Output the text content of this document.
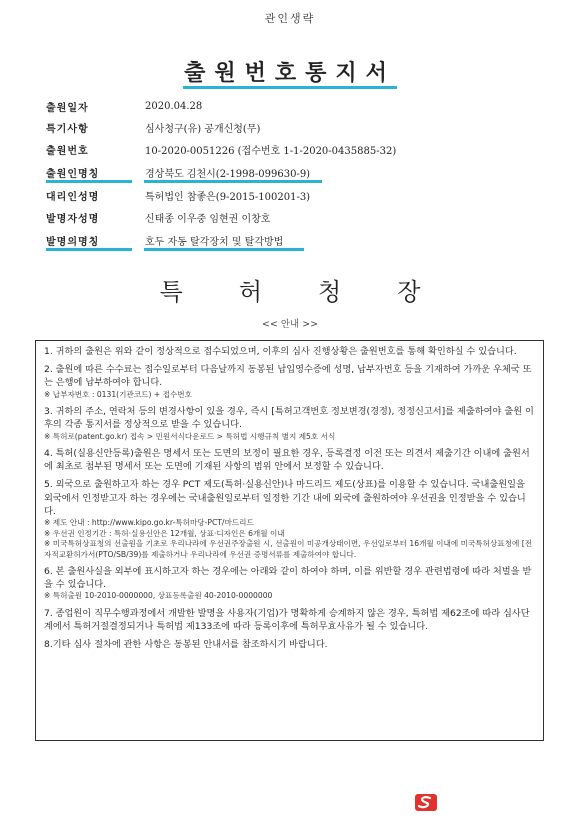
관인생략
출원번호통지서
출원일자	2020.04.28
특기사항	심사청구(유) 공개신청(무)
출원번호	10-2020-0051226 (접수번호 1-1-2020-0435885-32)
출원인명칭	경상북도 김천시(2-1998-099630-9)
대리인성명	특허법인 참좋은(9-2015-100201-3)
발명자성명	신태종 이우중 임현권 이창호
발명의명칭	호두 자동 탈각장치 및 탈각방법
특 허 청 장
<< 안내 >>
1. 귀하의 출원은 위와 같이 정상적으로 접수되었으며, 이후의 심사 진행상황은 출원번호를 통해 확인하실 수 있습니다.
2. 출원에 따른 수수료는 접수일로부터 다음날까지 동봉된 납입영수증에 성명, 납부자번호 등을 기재하여 가까운 우체국 또는 은행에 납부하여야 합니다.
※ 납부자번호 : 0131(기관코드) + 접수번호
3. 귀하의 주소, 연락처 등의 변경사항이 있을 경우, 즉시 [특허고객번호 정보변경(경정), 정정신고서]를 제출하여야 출원 이후의 각종 통지서를 정상적으로 받을 수 있습니다.
※ 특허로(patent.go.kr) 접속 > 민원서식다운로드 > 특허법 시행규칙 별지 제5호 서식
4. 특허(실용신안등록)출원은 명세서 또는 도면의 보정이 필요한 경우, 등록결정 이전 또는 의견서 제출기간 이내에 출원서에 최초로 첨부된 명세서 또는 도면에 기재된 사항의 범위 안에서 보정할 수 있습니다.
5. 외국으로 출원하고자 하는 경우 PCT 제도(특허·실용신안)나 마드리드 제도(상표)를 이용할 수 있습니다. 국내출원일을 외국에서 인정받고자 하는 경우에는 국내출원일로부터 일정한 기간 내에 외국에 출원하여야 우선권을 인정받을 수 있습니다.
※ 제도 안내 : http://www.kipo.go.kr-특허마당-PCT/마드리드
※ 우선권 인정기간 : 특허·실용신안은 12개월, 상표·디자인은 6개월 이내
※ 미국특허상표청의 선출원을 기초로 우리나라에 우선권주장출원 시, 선출원이 미공개상태이면, 우선일로부터 16개월 이내에 미국특허상표청에 [전자적교환허가서(PTO/SB/39)를 제출하거나 우리나라에 우선권 증명서류를 제출하여야 합니다.
6. 본 출원사실을 외부에 표시하고자 하는 경우에는 아래와 같이 하여야 하며, 이를 위반할 경우 관련법령에 따라 처벌을 받을 수 있습니다.
※ 특허출원 10-2010-0000000, 상표등록출원 40-2010-0000000
7. 종업원이 직무수행과정에서 개발한 발명을 사용자(기업)가 명확하게 승계하지 않은 경우, 특허법 제62조에 따라 심사단계에서 특허거절결정되거나 특허법 제133조에 따라 등록이후에 특허무효사유가 될 수 있습니다.
8.기타 심사 절차에 관한 사항은 동봉된 안내서를 참조하시기 바랍니다.
